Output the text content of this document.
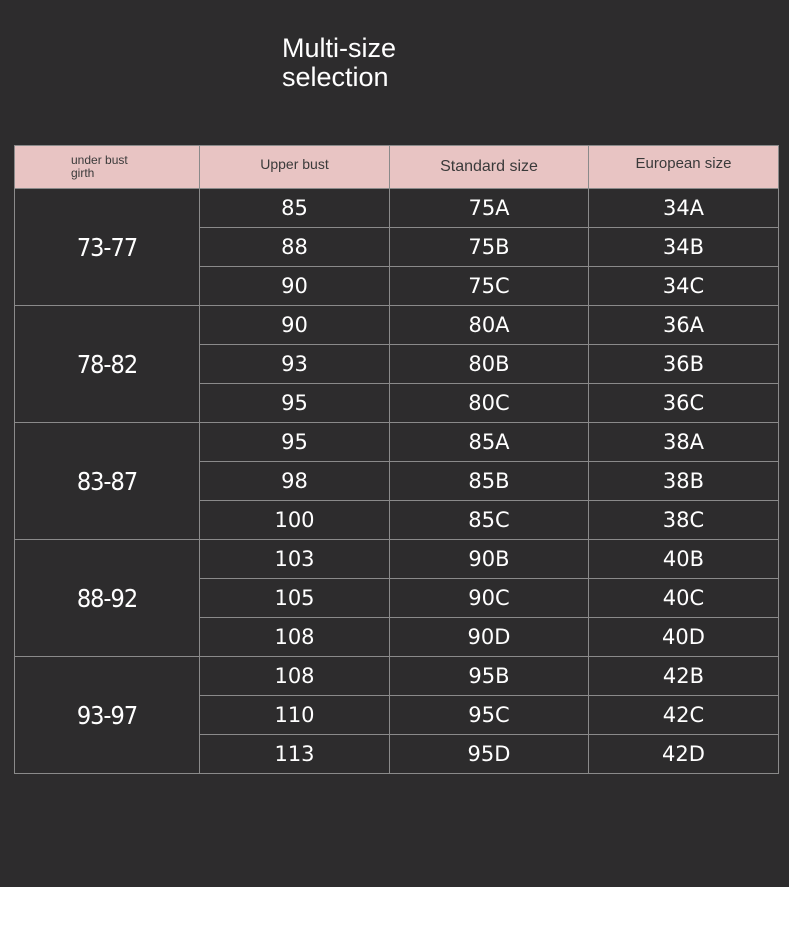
Multi-size
selection
under bust
girth	Upper bust	Standard size	European size
73-77	85	75A	34A
	88	75B	34B
	90	75C	34C
78-82	90	80A	36A
	93	80B	36B
	95	80C	36C
83-87	95	85A	38A
	98	85B	38B
	100	85C	38C
88-92	103	90B	40B
	105	90C	40C
	108	90D	40D
93-97	108	95B	42B
	110	95C	42C
	113	95D	42D
